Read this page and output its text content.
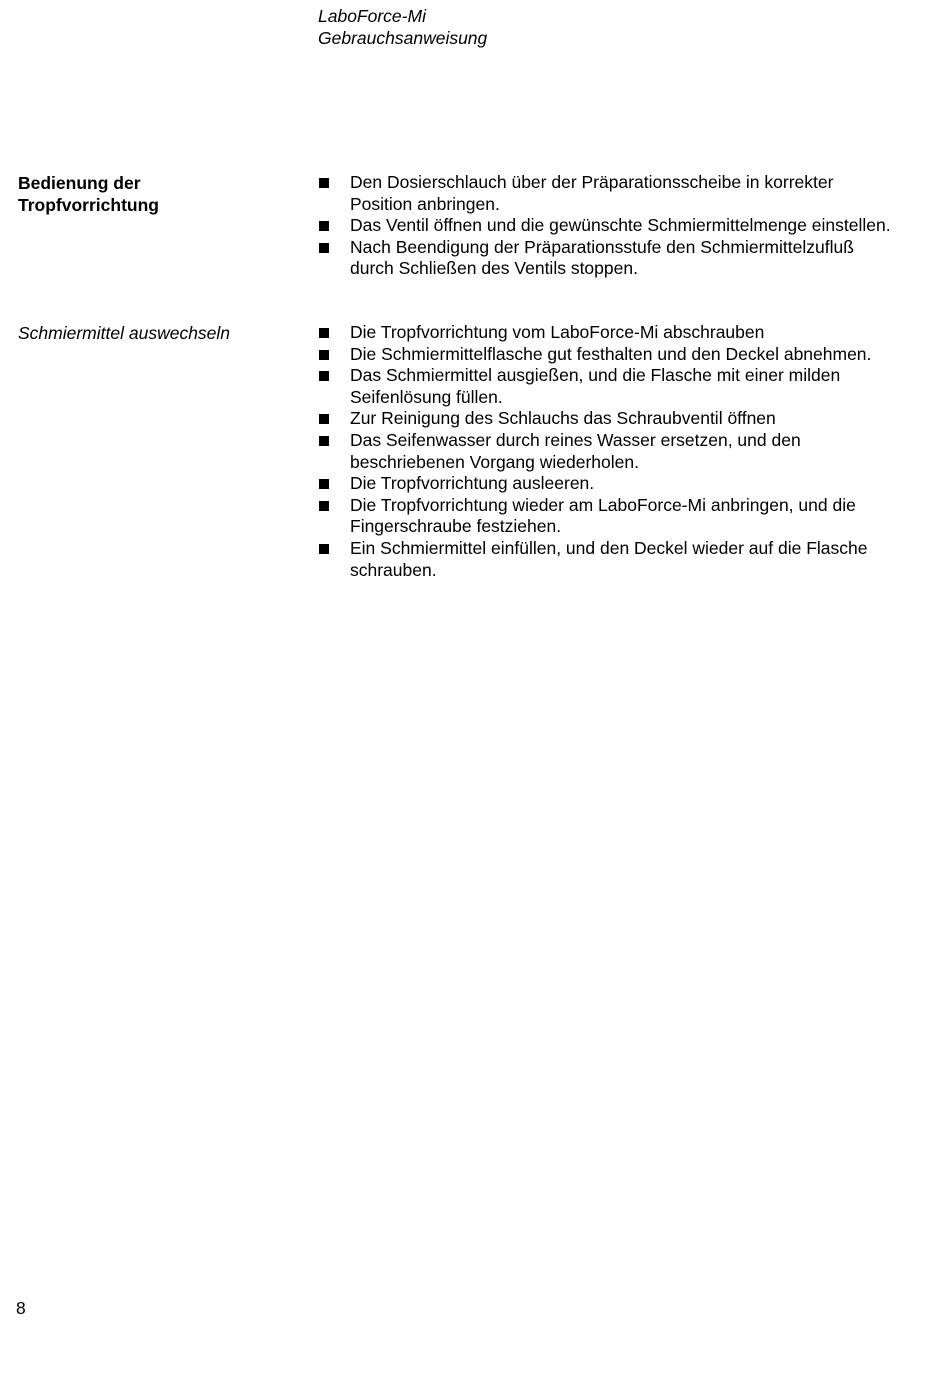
LaboForce-Mi
Gebrauchsanweisung
Bedienung der Tropfvorrichtung
Den Dosierschlauch über der Präparationsscheibe in korrekter Position anbringen.
Das Ventil öffnen und die gewünschte Schmiermittelmenge einstellen.
Nach Beendigung der Präparationsstufe den Schmiermittelzufluß durch Schließen des Ventils stoppen.
Schmiermittel auswechseln	Die Tropfvorrichtung vom LaboForce-Mi abschrauben
Die Schmiermittelflasche gut festhalten und den Deckel abnehmen.
Das Schmiermittel ausgießen, und die Flasche mit einer milden Seifenlösung füllen.
Zur Reinigung des Schlauchs das Schraubventil öffnen
Das Seifenwasser durch reines Wasser ersetzen, und den beschriebenen Vorgang wiederholen.
Die Tropfvorrichtung ausleeren.
Die Tropfvorrichtung wieder am LaboForce-Mi anbringen, und die Fingerschraube festziehen.
Ein Schmiermittel einfüllen, und den Deckel wieder auf die Flasche schrauben.
8
